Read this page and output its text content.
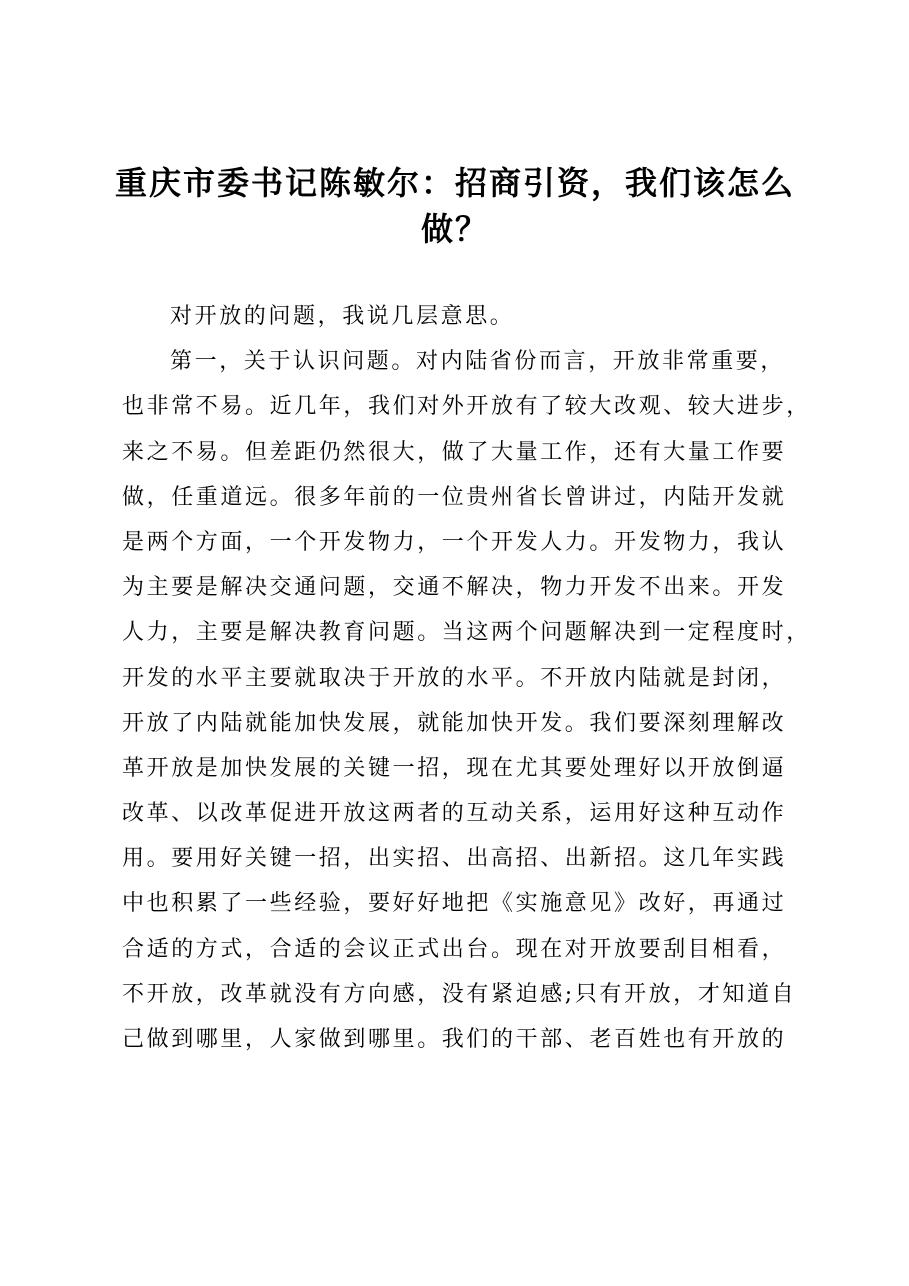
重庆市委书记陈敏尔：招商引资，我们该怎么
做？
对开放的问题，我说几层意思。
第一，关于认识问题。对内陆省份而言，开放非常重要，
也非常不易。近几年，我们对外开放有了较大改观、较大进步，
来之不易。但差距仍然很大，做了大量工作，还有大量工作要
做，任重道远。很多年前的一位贵州省长曾讲过，内陆开发就
是两个方面，一个开发物力，一个开发人力。开发物力，我认
为主要是解决交通问题，交通不解决，物力开发不出来。开发
人力，主要是解决教育问题。当这两个问题解决到一定程度时，
开发的水平主要就取决于开放的水平。不开放内陆就是封闭，
开放了内陆就能加快发展，就能加快开发。我们要深刻理解改
革开放是加快发展的关键一招，现在尤其要处理好以开放倒逼
改革、以改革促进开放这两者的互动关系，运用好这种互动作
用。要用好关键一招，出实招、出高招、出新招。这几年实践
中也积累了一些经验，要好好地把《实施意见》改好，再通过
合适的方式，合适的会议正式出台。现在对开放要刮目相看，
不开放，改革就没有方向感，没有紧迫感;只有开放，才知道自
己做到哪里，人家做到哪里。我们的干部、老百姓也有开放的
